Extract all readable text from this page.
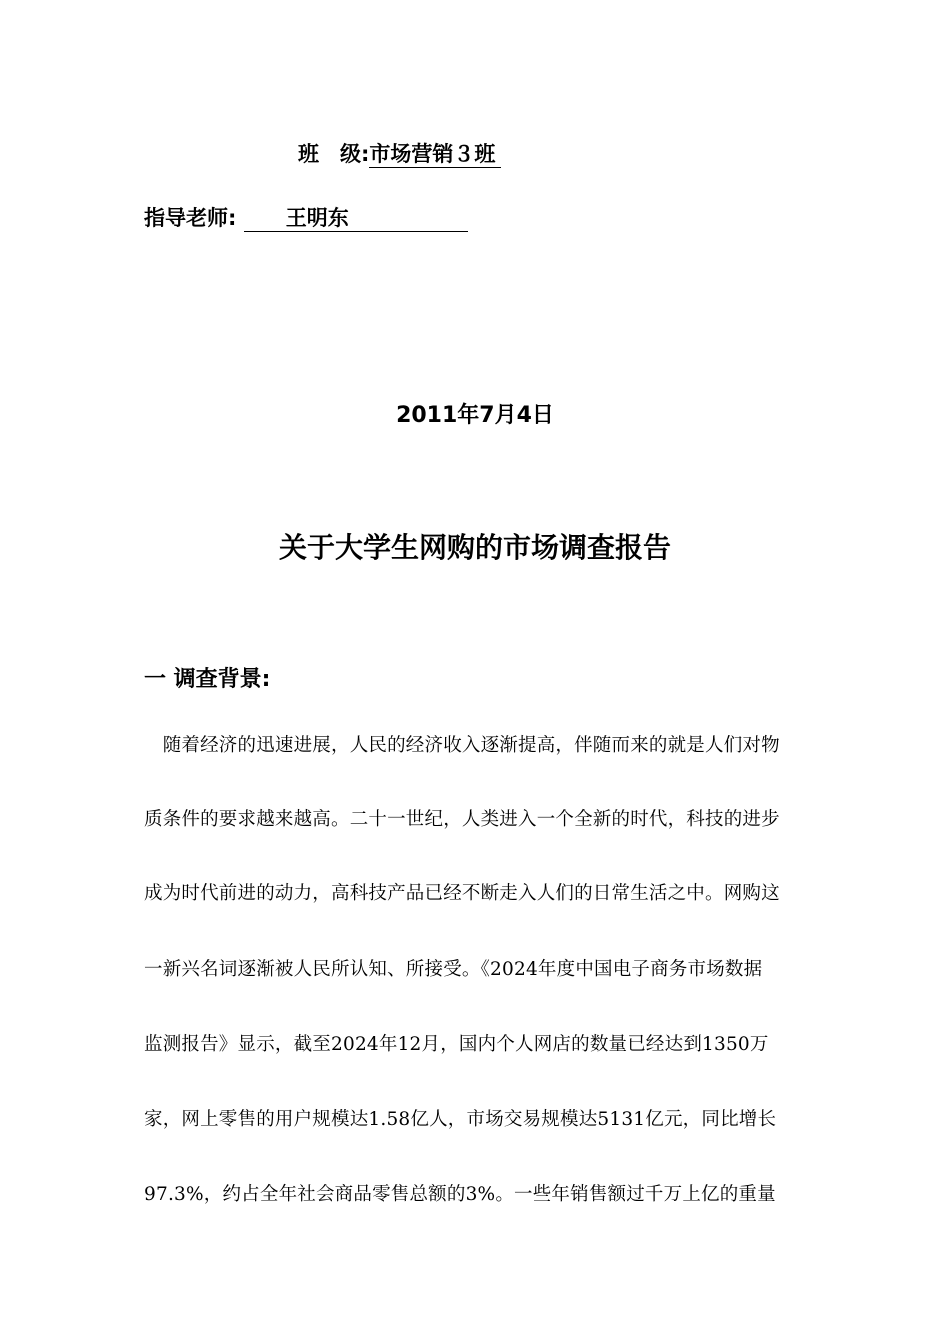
班　级:市场营销３班
指导老师: 王明东
2011年7月4日
关于大学生网购的市场调查报告
一 调查背景:
　随着经济的迅速进展，人民的经济收入逐渐提高，伴随而来的就是人们对物
质条件的要求越来越高。二十一世纪，人类进入一个全新的时代，科技的进步
成为时代前进的动力，高科技产品已经不断走入人们的日常生活之中。网购这
一新兴名词逐渐被人民所认知、所接受。《2024年度中国电子商务市场数据
监测报告》显示，截至2024年12月，国内个人网店的数量已经达到1350万
家，网上零售的用户规模达1.58亿人，市场交易规模达5131亿元，同比增长
97.3%，约占全年社会商品零售总额的3%。一些年销售额过千万上亿的重量
